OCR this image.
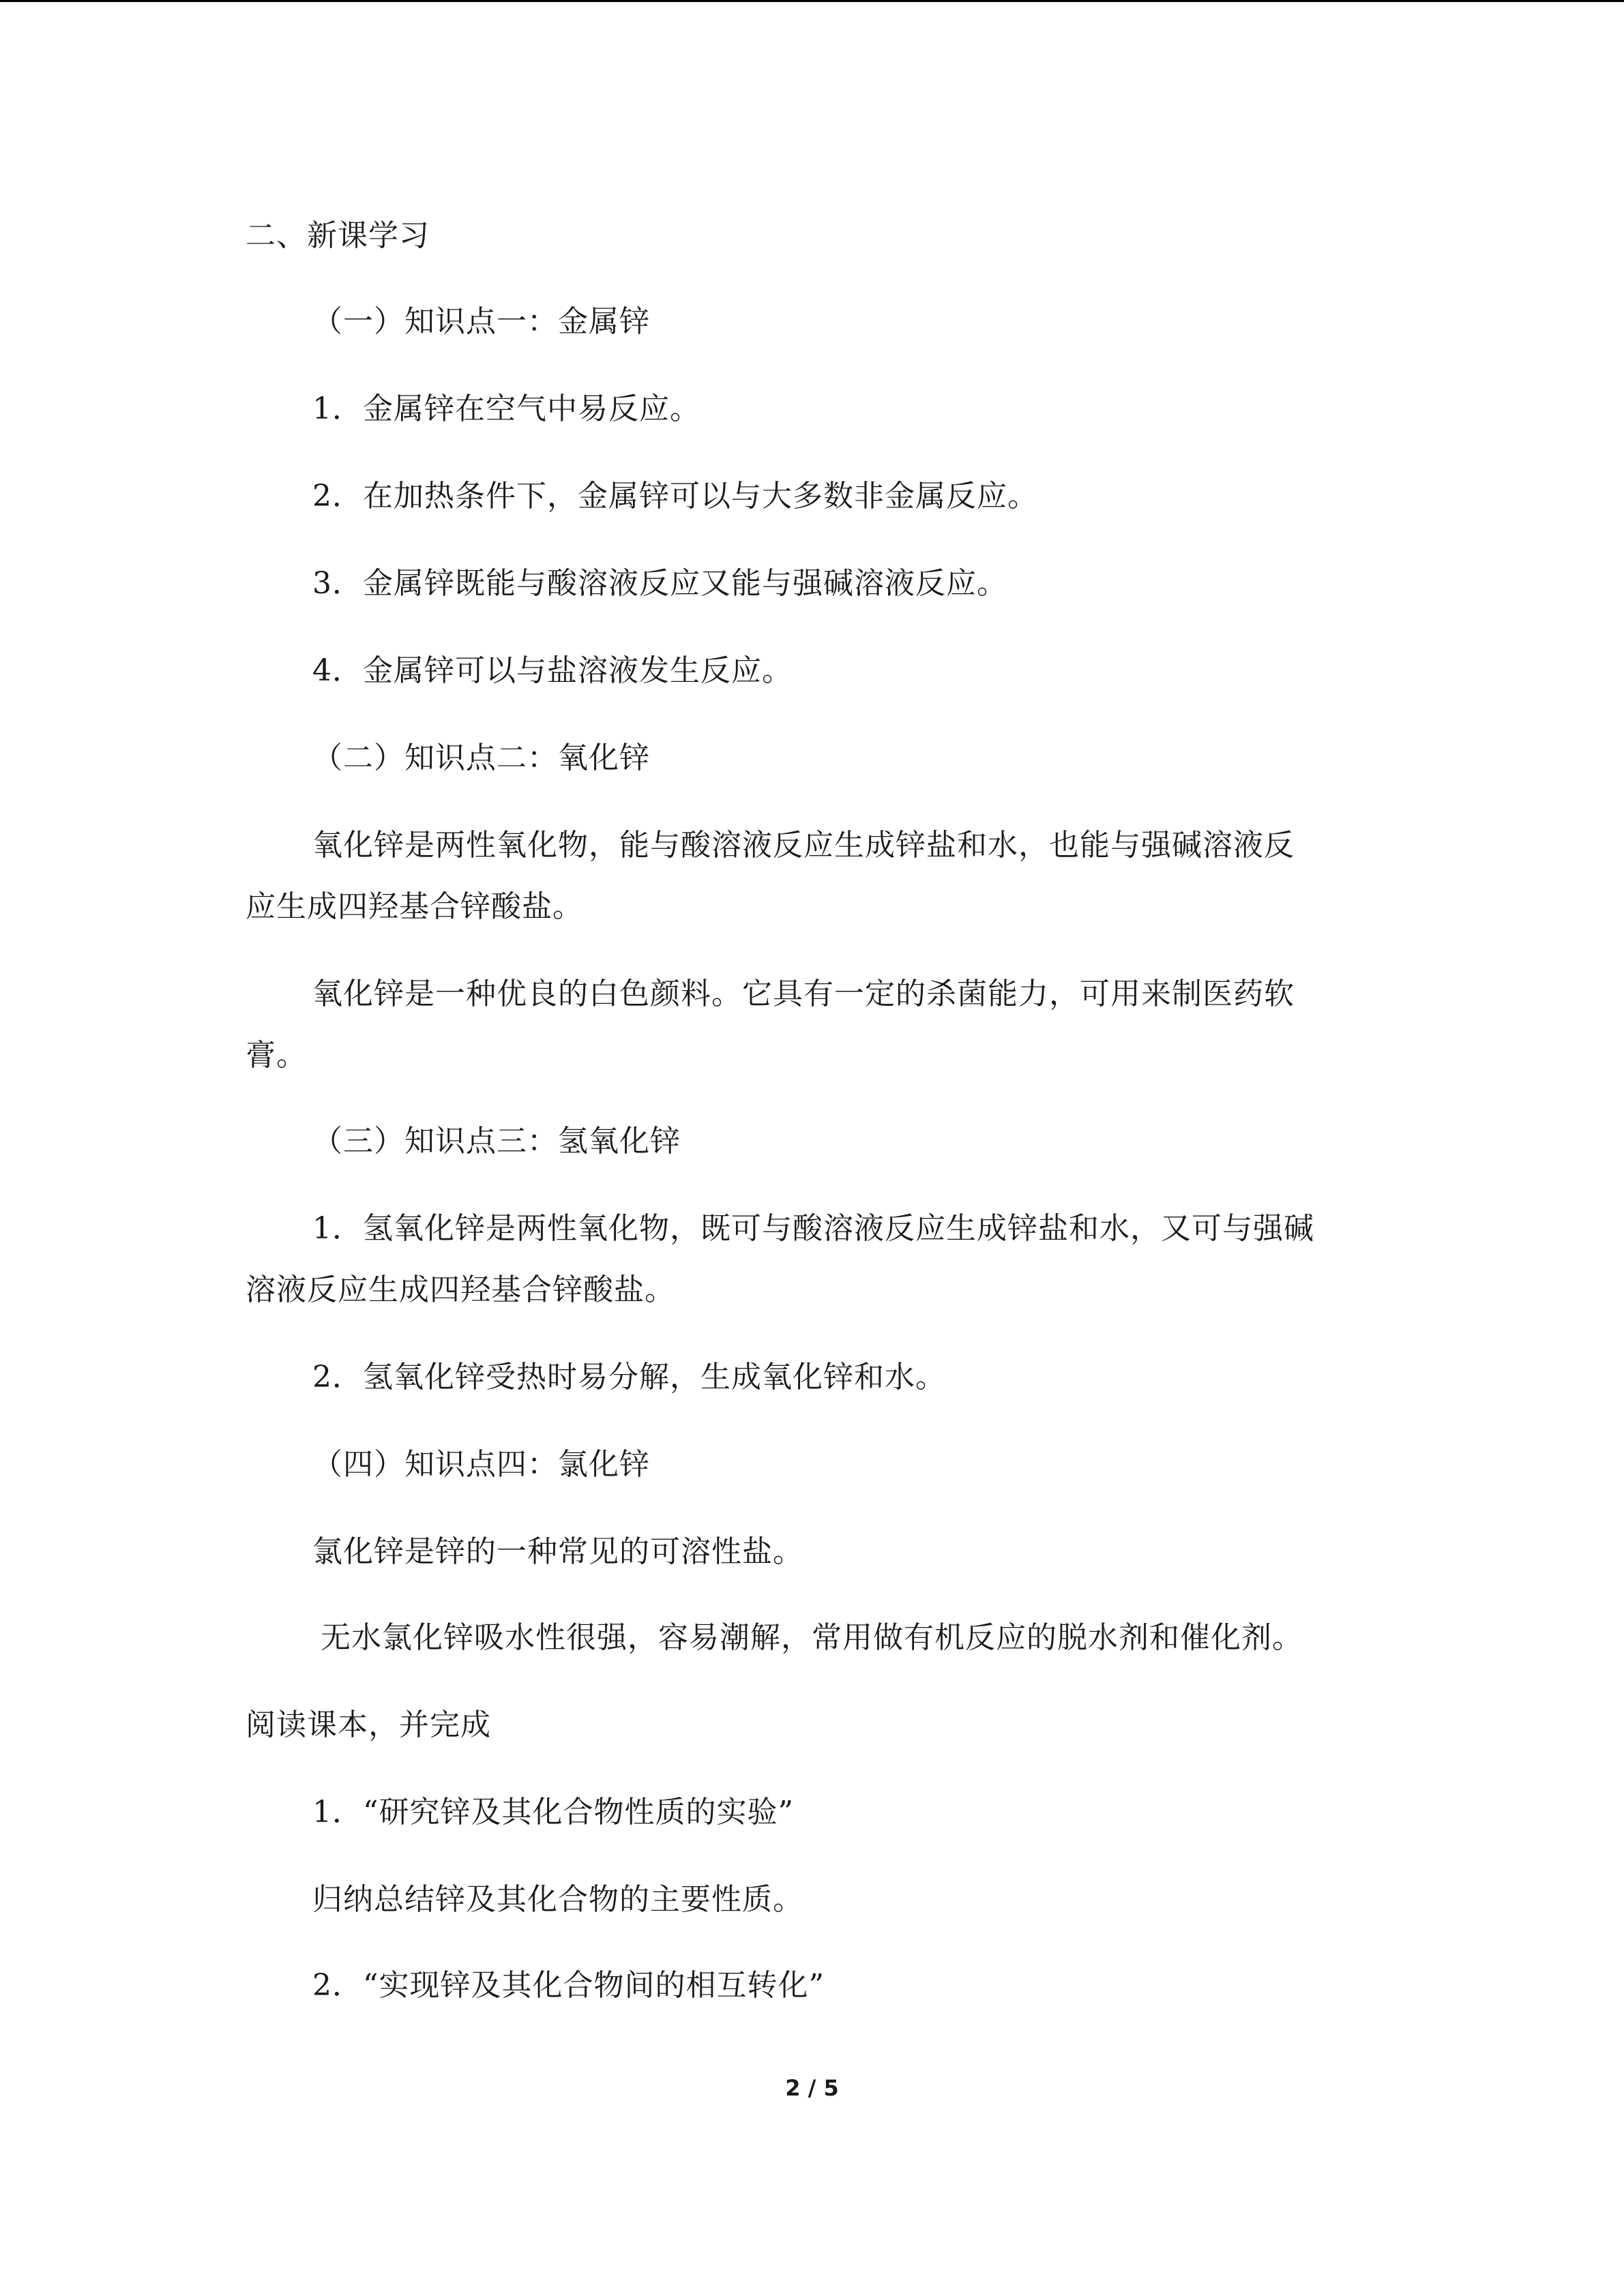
二、新课学习
（一）知识点一：金属锌
1．金属锌在空气中易反应。
2．在加热条件下，金属锌可以与大多数非金属反应。
3．金属锌既能与酸溶液反应又能与强碱溶液反应。
4．金属锌可以与盐溶液发生反应。
（二）知识点二：氧化锌
氧化锌是两性氧化物，能与酸溶液反应生成锌盐和水，也能与强碱溶液反
应生成四羟基合锌酸盐。
氧化锌是一种优良的白色颜料。它具有一定的杀菌能力，可用来制医药软
膏。
（三）知识点三：氢氧化锌
1．氢氧化锌是两性氧化物，既可与酸溶液反应生成锌盐和水，又可与强碱
溶液反应生成四羟基合锌酸盐。
2．氢氧化锌受热时易分解，生成氧化锌和水。
（四）知识点四：氯化锌
氯化锌是锌的一种常见的可溶性盐。
无水氯化锌吸水性很强，容易潮解，常用做有机反应的脱水剂和催化剂。
阅读课本，并完成
1．“研究锌及其化合物性质的实验”
归纳总结锌及其化合物的主要性质。
2．“实现锌及其化合物间的相互转化”
2 / 5
